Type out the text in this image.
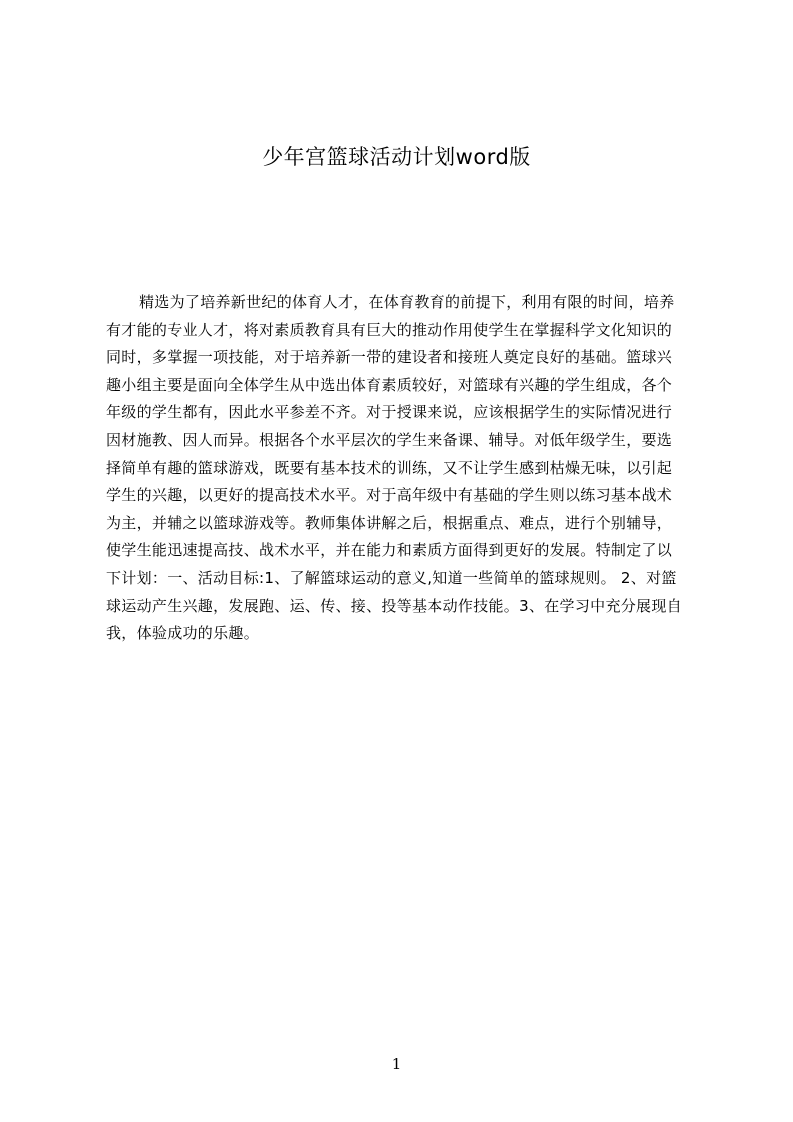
少年宫篮球活动计划word版
精选为了培养新世纪的体育人才，在体育教育的前提下，利用有限的时间，培养
有才能的专业人才，将对素质教育具有巨大的推动作用使学生在掌握科学文化知识的
同时，多掌握一项技能，对于培养新一带的建设者和接班人奠定良好的基础。篮球兴
趣小组主要是面向全体学生从中选出体育素质较好，对篮球有兴趣的学生组成，各个
年级的学生都有，因此水平参差不齐。对于授课来说，应该根据学生的实际情况进行
因材施教、因人而异。根据各个水平层次的学生来备课、辅导。对低年级学生，要选
择简单有趣的篮球游戏，既要有基本技术的训练，又不让学生感到枯燥无味，以引起
学生的兴趣，以更好的提高技术水平。对于高年级中有基础的学生则以练习基本战术
为主，并辅之以篮球游戏等。教师集体讲解之后，根据重点、难点，进行个别辅导，
使学生能迅速提高技、战术水平，并在能力和素质方面得到更好的发展。特制定了以
下计划：一、活动目标:1、了解篮球运动的意义,知道一些简单的篮球规则。 2、对篮
球运动产生兴趣，发展跑、运、传、接、投等基本动作技能。3、在学习中充分展现自
我，体验成功的乐趣。
1
